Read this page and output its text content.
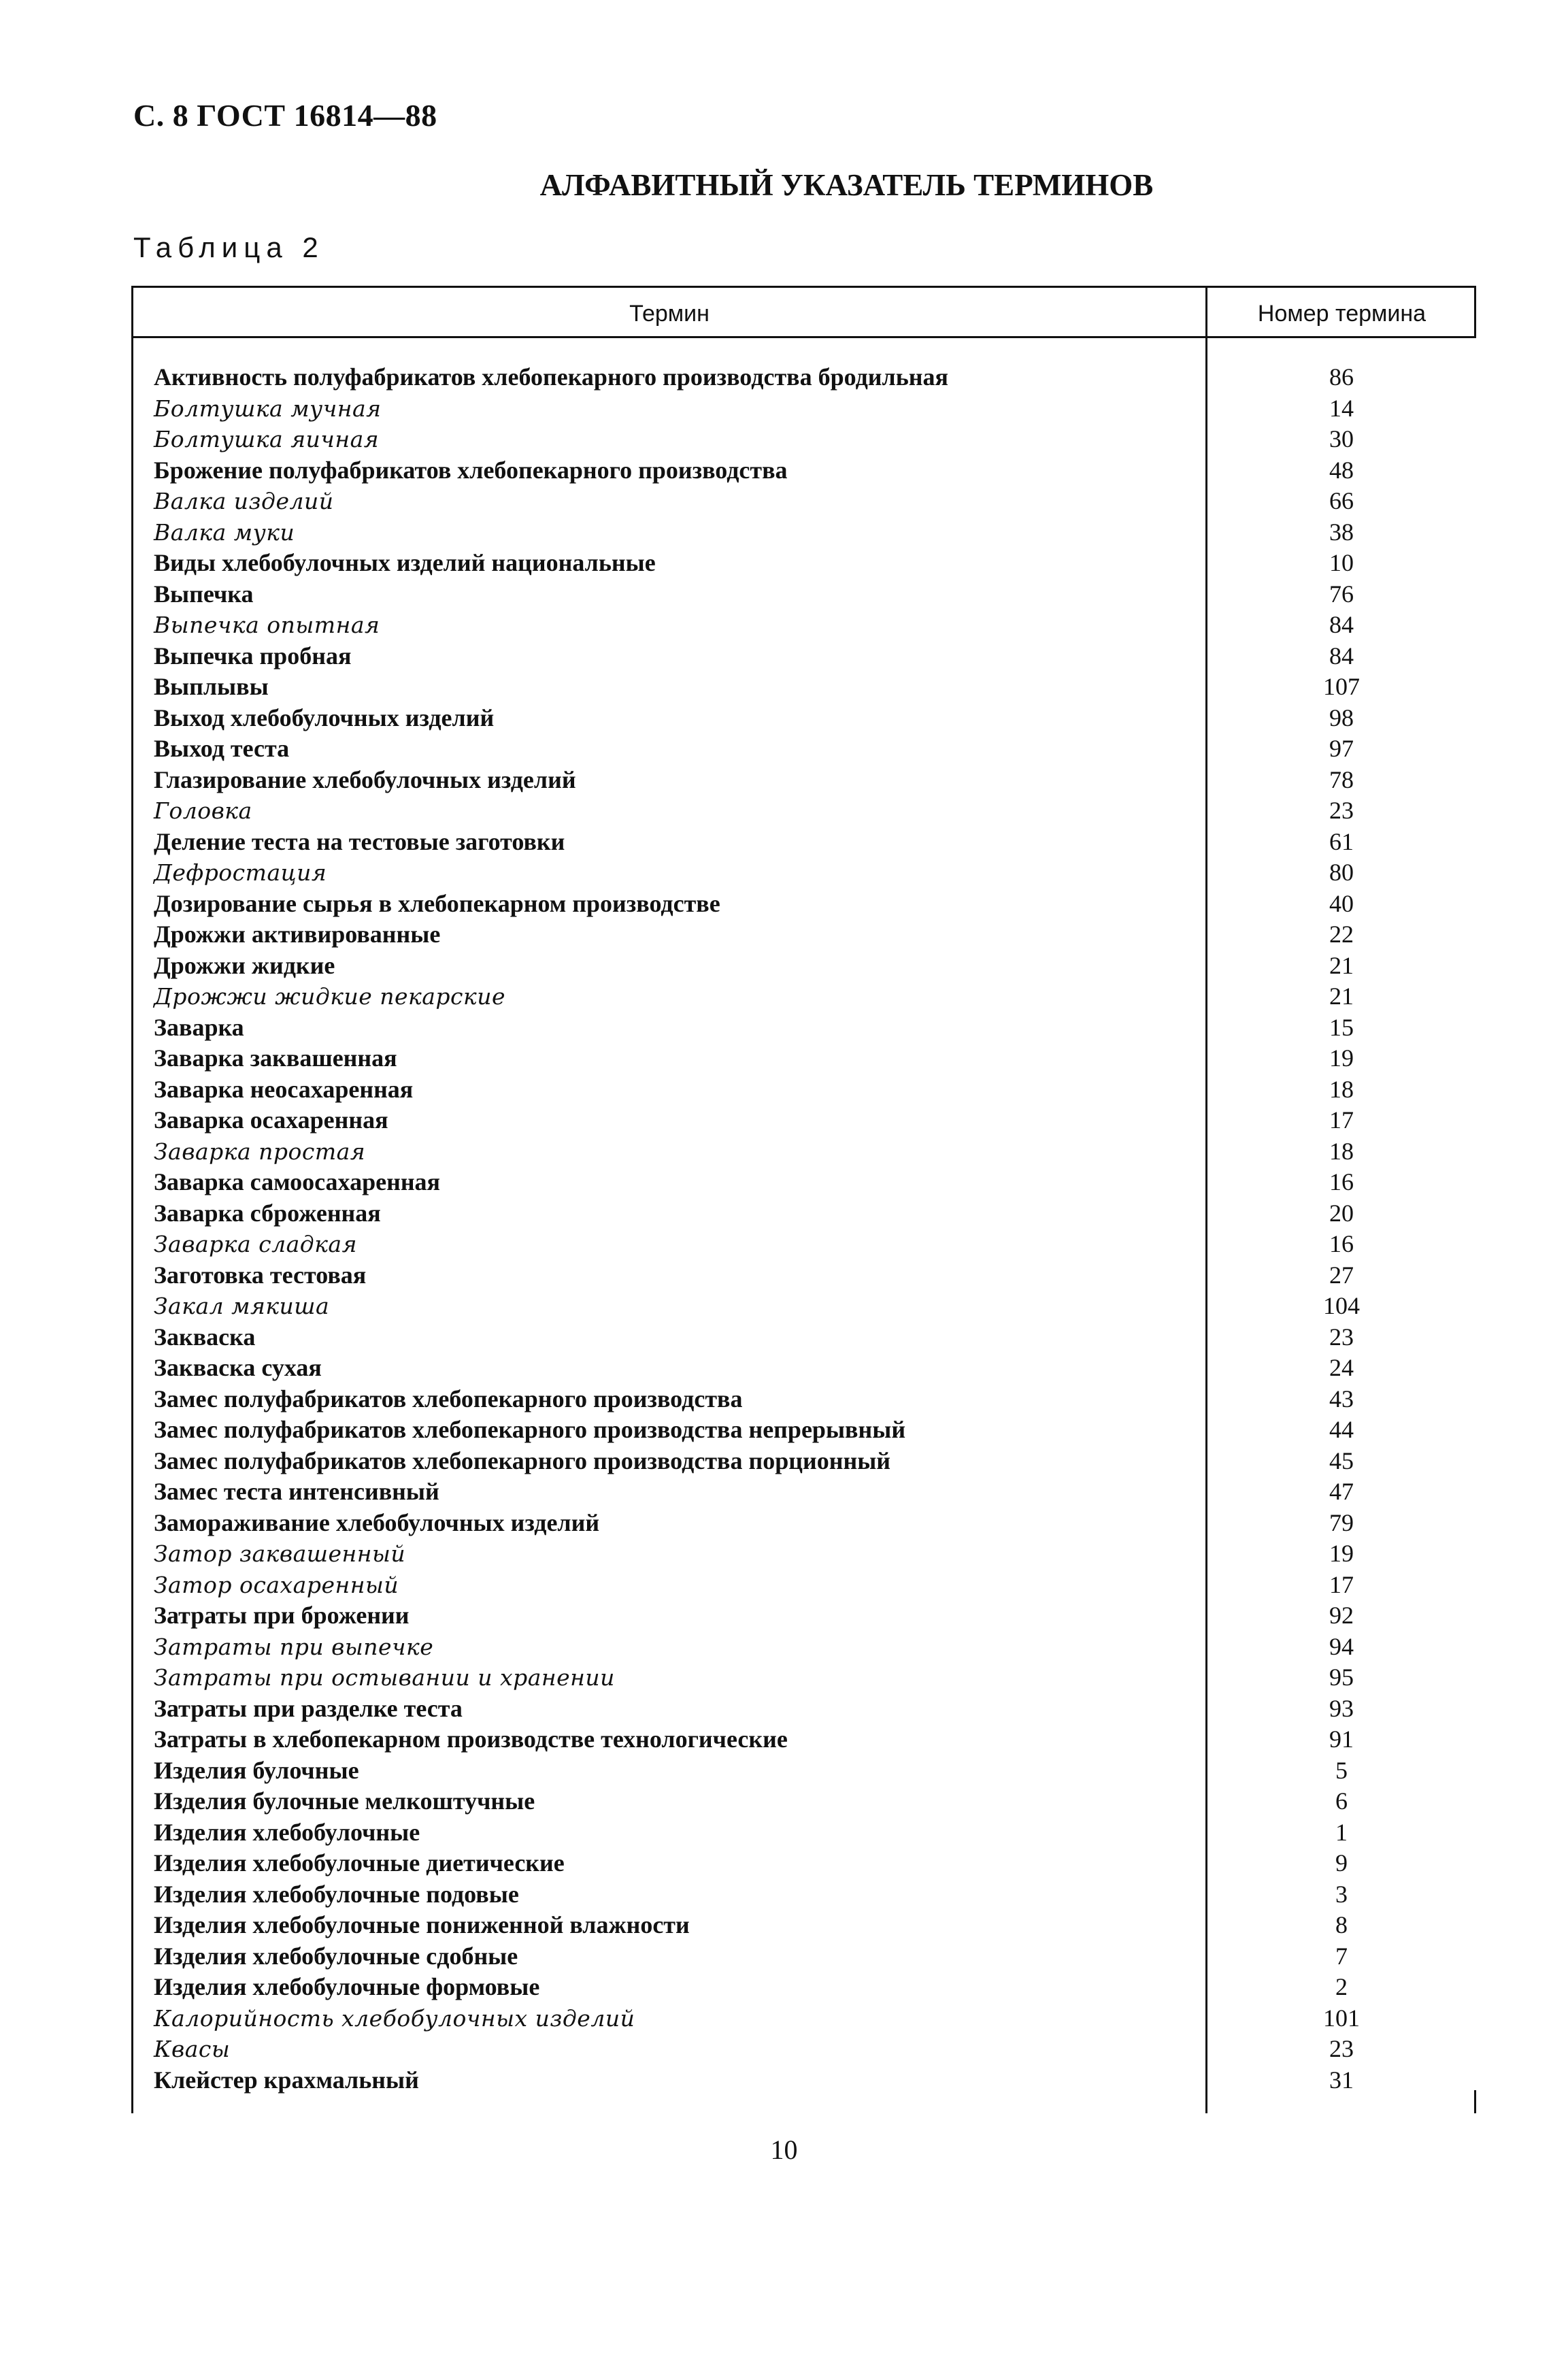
С. 8 ГОСТ 16814—88
АЛФАВИТНЫЙ УКАЗАТЕЛЬ ТЕРМИНОВ
Таблица 2
Термин	Номер термина
Активность полуфабрикатов хлебопекарного производства бродильная	86
Болтушка мучная	14
Болтушка яичная	30
Брожение полуфабрикатов хлебопекарного производства	48
Валка изделий	66
Валка муки	38
Виды хлебобулочных изделий национальные	10
Выпечка	76
Выпечка опытная	84
Выпечка пробная	84
Выплывы	107
Выход хлебобулочных изделий	98
Выход теста	97
Глазирование хлебобулочных изделий	78
Головка	23
Деление теста на тестовые заготовки	61
Дефростация	80
Дозирование сырья в хлебопекарном производстве	40
Дрожжи активированные	22
Дрожжи жидкие	21
Дрожжи жидкие пекарские	21
Заварка	15
Заварка заквашенная	19
Заварка неосахаренная	18
Заварка осахаренная	17
Заварка простая	18
Заварка самоосахаренная	16
Заварка сброженная	20
Заварка сладкая	16
Заготовка тестовая	27
Закал мякиша	104
Закваска	23
Закваска сухая	24
Замес полуфабрикатов хлебопекарного производства	43
Замес полуфабрикатов хлебопекарного производства непрерывный	44
Замес полуфабрикатов хлебопекарного производства порционный	45
Замес теста интенсивный	47
Замораживание хлебобулочных изделий	79
Затор заквашенный	19
Затор осахаренный	17
Затраты при брожении	92
Затраты при выпечке	94
Затраты при остывании и хранении	95
Затраты при разделке теста	93
Затраты в хлебопекарном производстве технологические	91
Изделия булочные	5
Изделия булочные мелкоштучные	6
Изделия хлебобулочные	1
Изделия хлебобулочные диетические	9
Изделия хлебобулочные подовые	3
Изделия хлебобулочные пониженной влажности	8
Изделия хлебобулочные сдобные	7
Изделия хлебобулочные формовые	2
Калорийность хлебобулочных изделий	101
Квасы	23
Клейстер крахмальный	31
10
